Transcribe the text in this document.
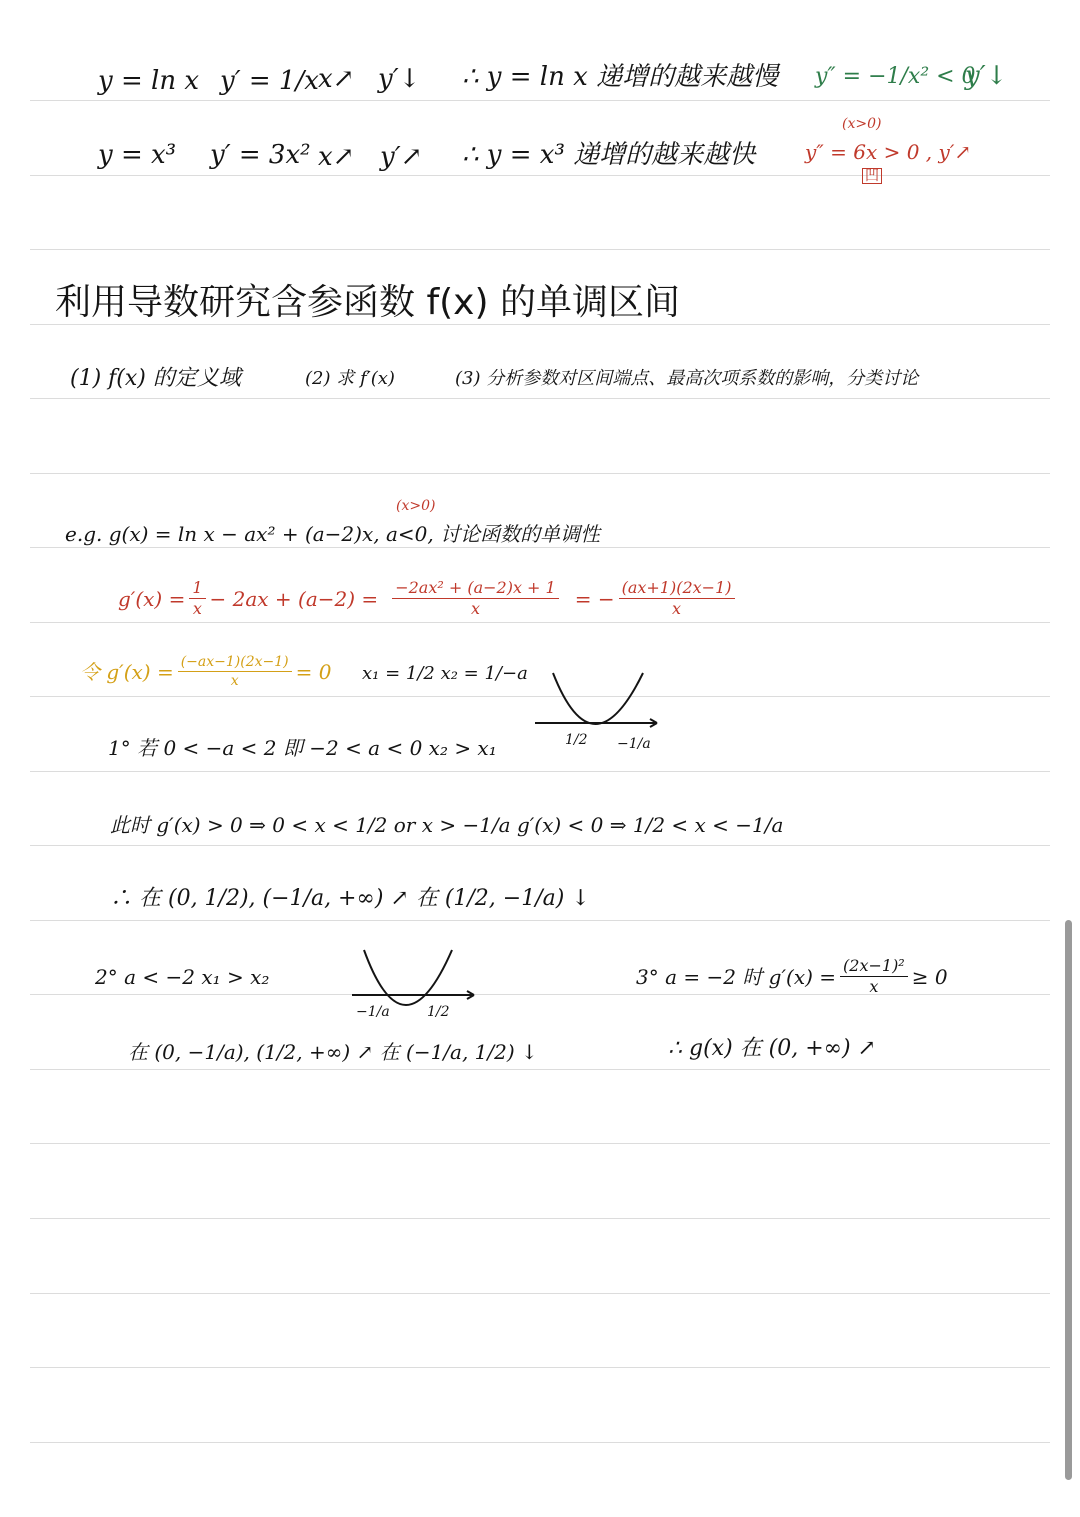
y = ln x y′ = 1/x x↗ y′↓ ∴ y = ln x 递增的越来越慢 y″ = −1/x² < 0
y′↓
y = x³ y′ = 3x² x↗ y′↗ ∴ y = x³ 递增的越来越快
(x>0)
y″ = 6x > 0 , y′↗
凹
利用导数研究含参函数 f(x) 的单调区间
(1) f(x) 的定义域	(2) 求 f′(x)	(3) 分析参数对区间端点、最高次项系数的影响，分类讨论
(x>0)
e.g. g(x) = ln x − ax² + (a−2)x, a<0, 讨论函数的单调性
$g'(x) = \frac{1}{x} - 2ax + (a-2) = \frac{\text{−2ax² + (a−2)x + 1}}{x}$ = − $\frac{(ax+1)(2x-1)}{x}$
令 $g'(x) = \frac{(-ax-1)(2x-1)}{x} = 0$ x₁ = 1/2 x₂ = 1/−a
1/2 −1/a
1° 若 0 < −a < 2 即 −2 < a < 0 x₂ > x₁
此时 g′(x) > 0 ⇒ 0 < x < 1/2 or x > −1/a g′(x) < 0 ⇒ 1/2 < x < −1/a
∴ 在 (0, 1/2), (−1/a, +∞) ↗ 在 (1/2, −1/a) ↓
2° a < −2 x₁ > x₂
−1/a	1/2
在 (0, −1/a), (1/2, +∞) ↗ 在 (−1/a, 1/2) ↓
3° a = −2 时 $g'(x) = \frac{\text{(2x−1)²}}{x} \ge 0$
∴ g(x) 在 (0, +∞) ↗
